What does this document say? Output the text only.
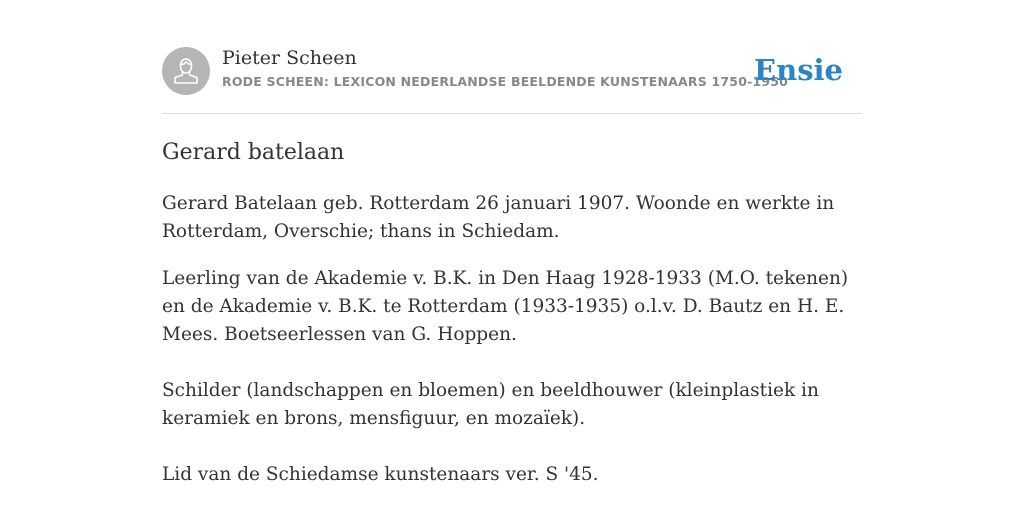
Pieter Scheen
RODE SCHEEN: LEXICON NEDERLANDSE BEELDENDE KUNSTENAARS 1750-1950
Ensie
Gerard batelaan

Gerard Batelaan geb. Rotterdam 26 januari 1907. Woonde en werkte in Rotterdam, Overschie; thans in Schiedam.

Leerling van de Akademie v. B.K. in Den Haag 1928-1933 (M.O. tekenen) en de Akademie v. B.K. te Rotterdam (1933-1935) o.l.v. D. Bautz en H. E. Mees. Boetseerlessen van G. Hoppen.

Schilder (landschappen en bloemen) en beeldhouwer (kleinplastiek in keramiek en brons, mensfiguur, en mozaïek).

Lid van de Schiedamse kunstenaars ver. S '45.
